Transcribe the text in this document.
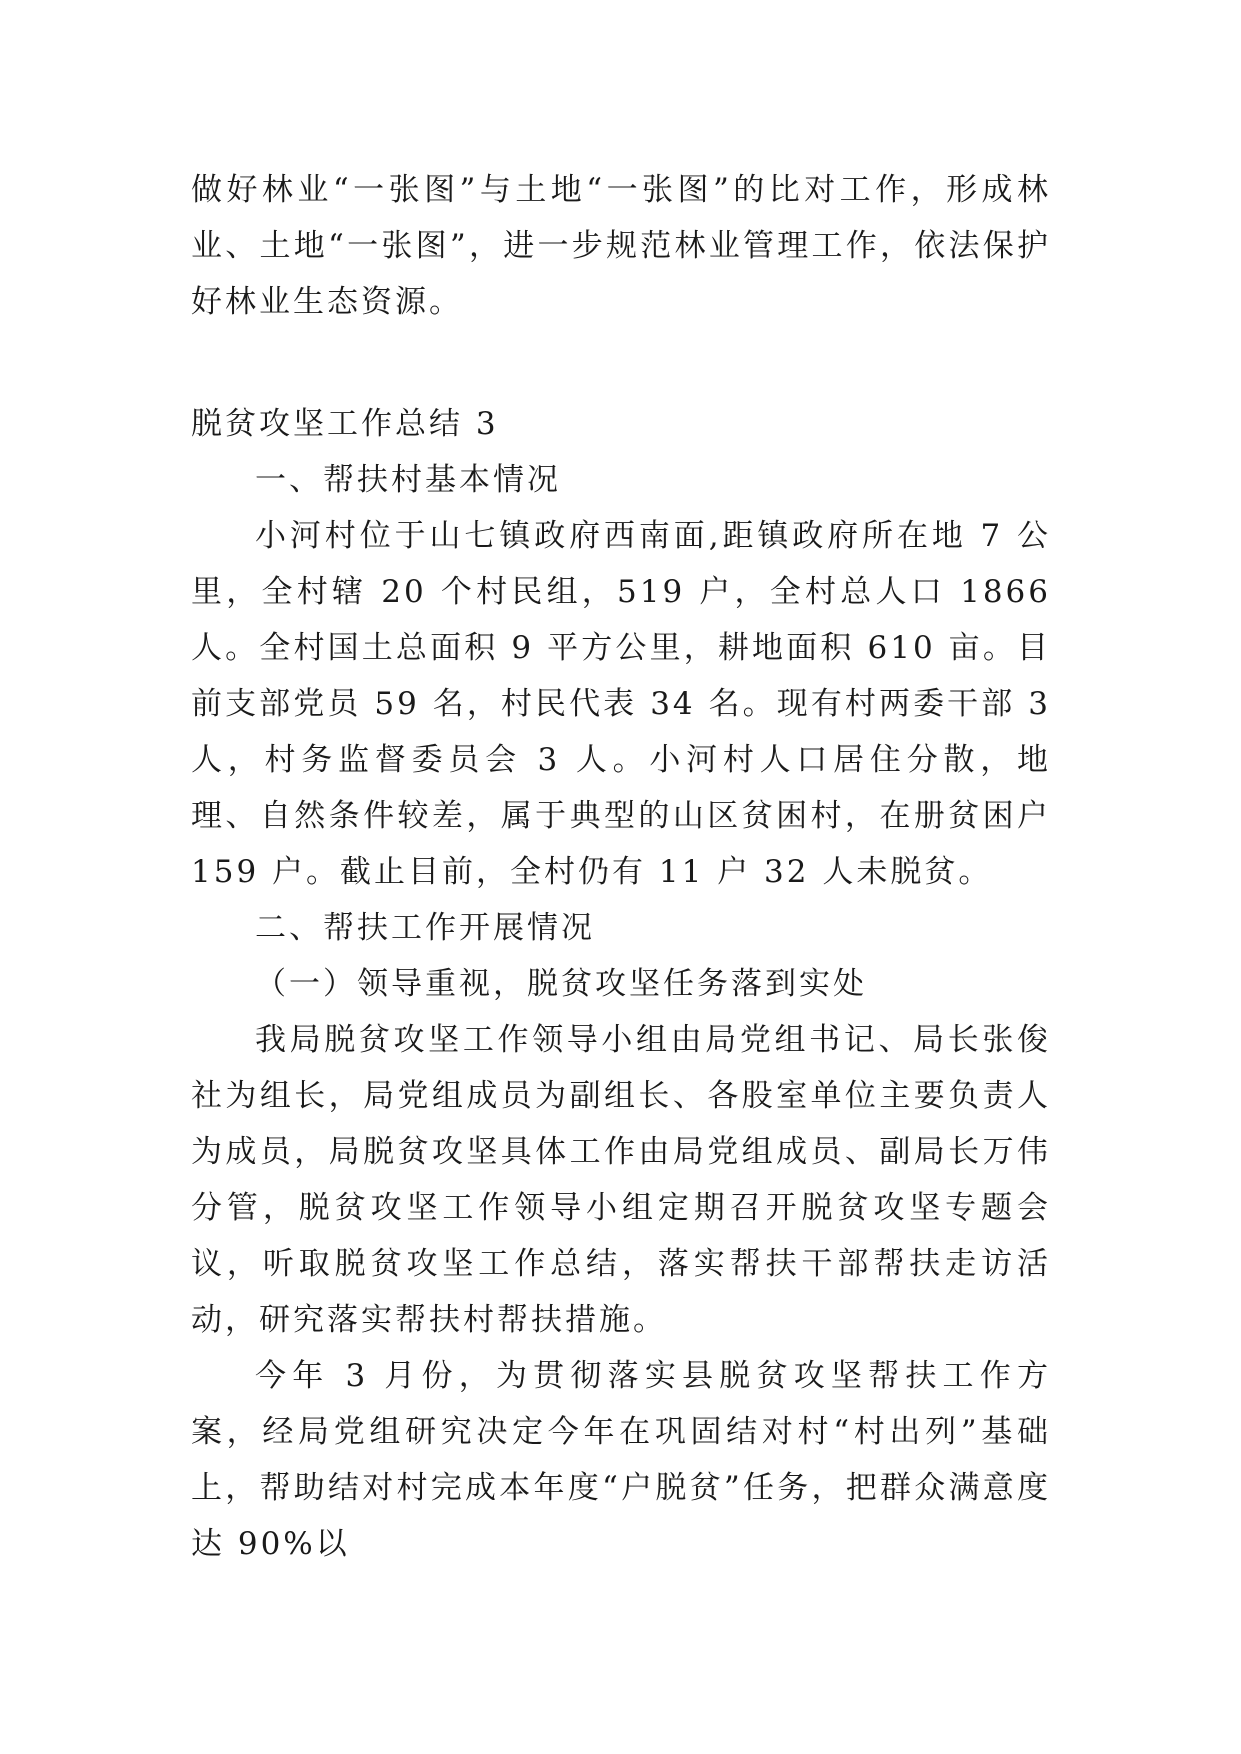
做好林业“一张图”与土地“一张图”的比对工作，形成林业、土地“一张图”，进一步规范林业管理工作，依法保护好林业生态资源。

脱贫攻坚工作总结 3

一、帮扶村基本情况

小河村位于山七镇政府西南面,距镇政府所在地 7 公里，全村辖 20 个村民组，519 户，全村总人口 1866 人。全村国土总面积 9 平方公里，耕地面积 610 亩。目前支部党员 59 名，村民代表 34 名。现有村两委干部 3 人，村务监督委员会 3 人。小河村人口居住分散，地理、自然条件较差，属于典型的山区贫困村，在册贫困户 159 户。截止目前，全村仍有 11 户 32 人未脱贫。

二、帮扶工作开展情况

（一）领导重视，脱贫攻坚任务落到实处

我局脱贫攻坚工作领导小组由局党组书记、局长张俊社为组长，局党组成员为副组长、各股室单位主要负责人为成员，局脱贫攻坚具体工作由局党组成员、副局长万伟分管，脱贫攻坚工作领导小组定期召开脱贫攻坚专题会议，听取脱贫攻坚工作总结，落实帮扶干部帮扶走访活动，研究落实帮扶村帮扶措施。

今年 3 月份，为贯彻落实县脱贫攻坚帮扶工作方案，经局党组研究决定今年在巩固结对村“村出列”基础上，帮助结对村完成本年度“户脱贫”任务，把群众满意度达 90%以
